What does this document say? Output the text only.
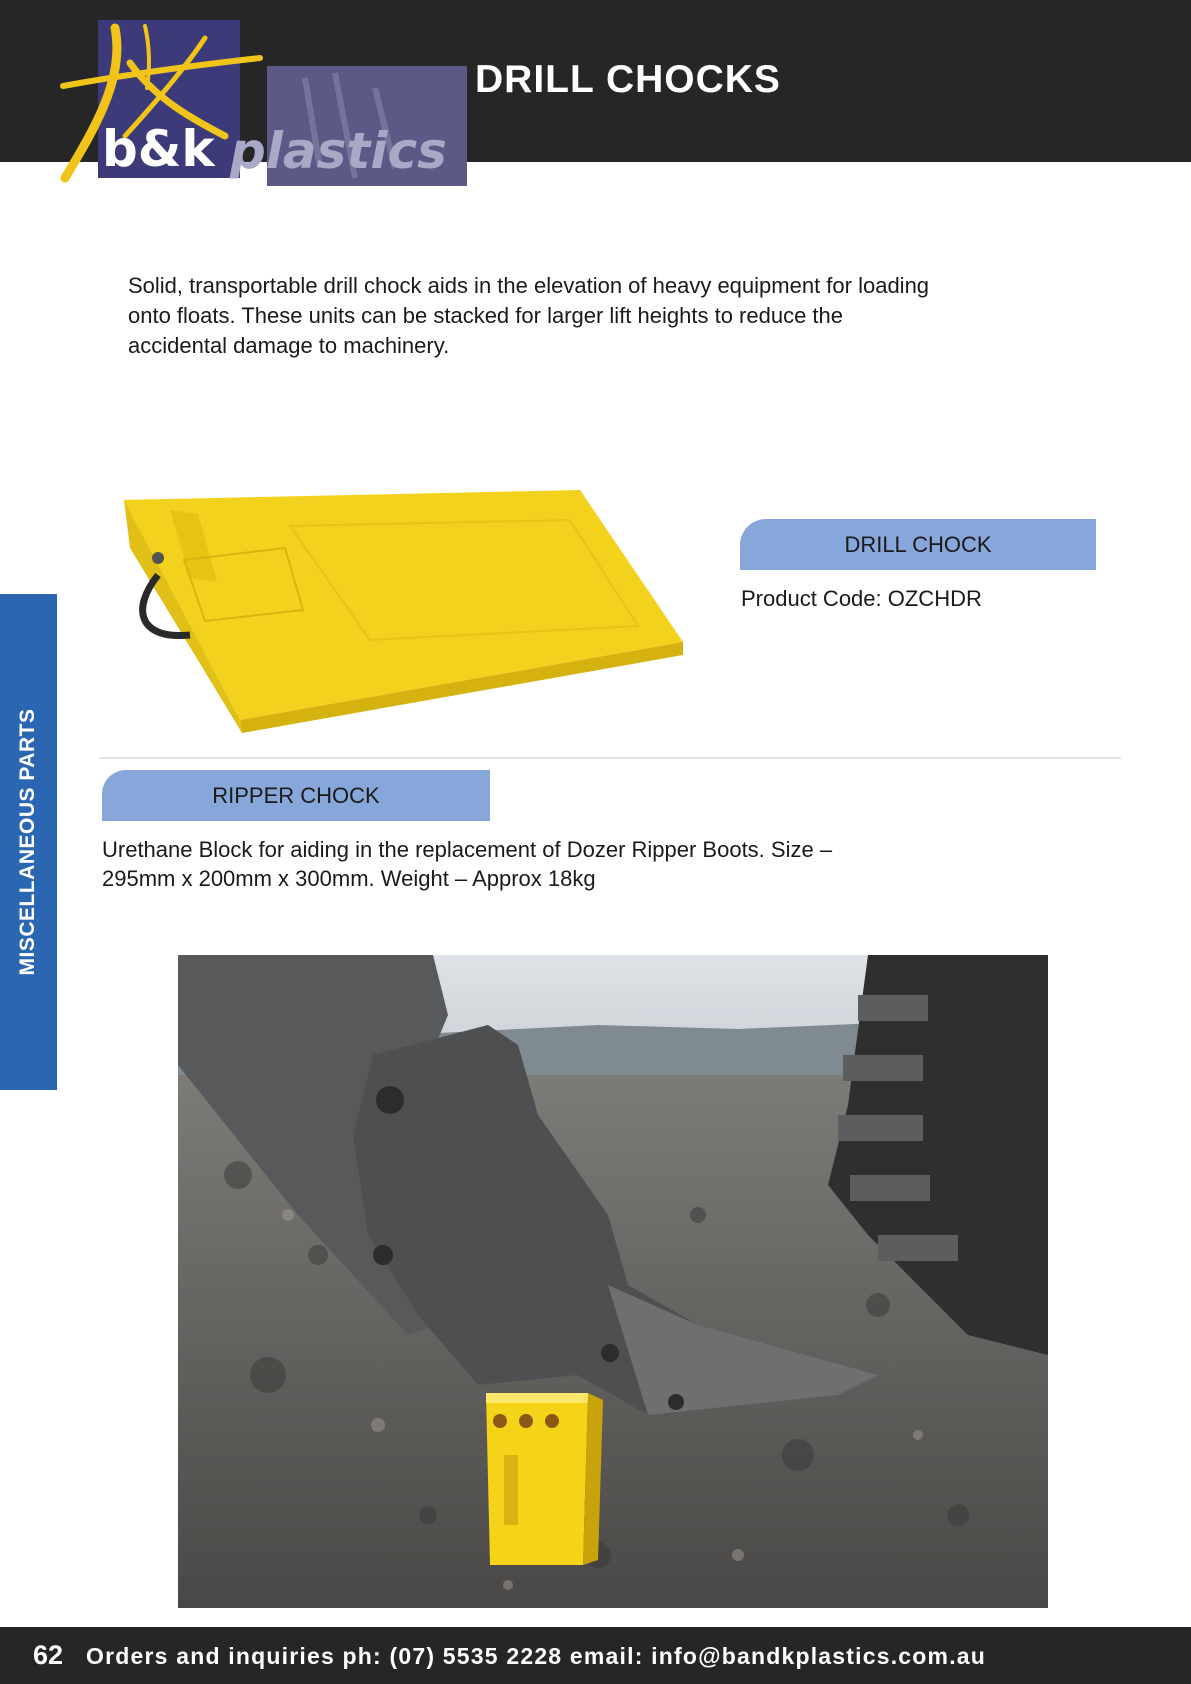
b&k plastics
DRILL CHOCKS

Solid, transportable drill chock aids in the elevation of heavy equipment for loading onto floats. These units can be stacked for larger lift heights to reduce the accidental damage to machinery.

MISCELLANEOUS PARTS
DRILL CHOCK

Product Code: OZCHDR

RIPPER CHOCK

Urethane Block for aiding in the replacement of Dozer Ripper Boots. Size – 295mm x 200mm x 300mm. Weight – Approx 18kg

62 Orders and inquiries ph: (07) 5535 2228 email: info@bandkplastics.com.au
